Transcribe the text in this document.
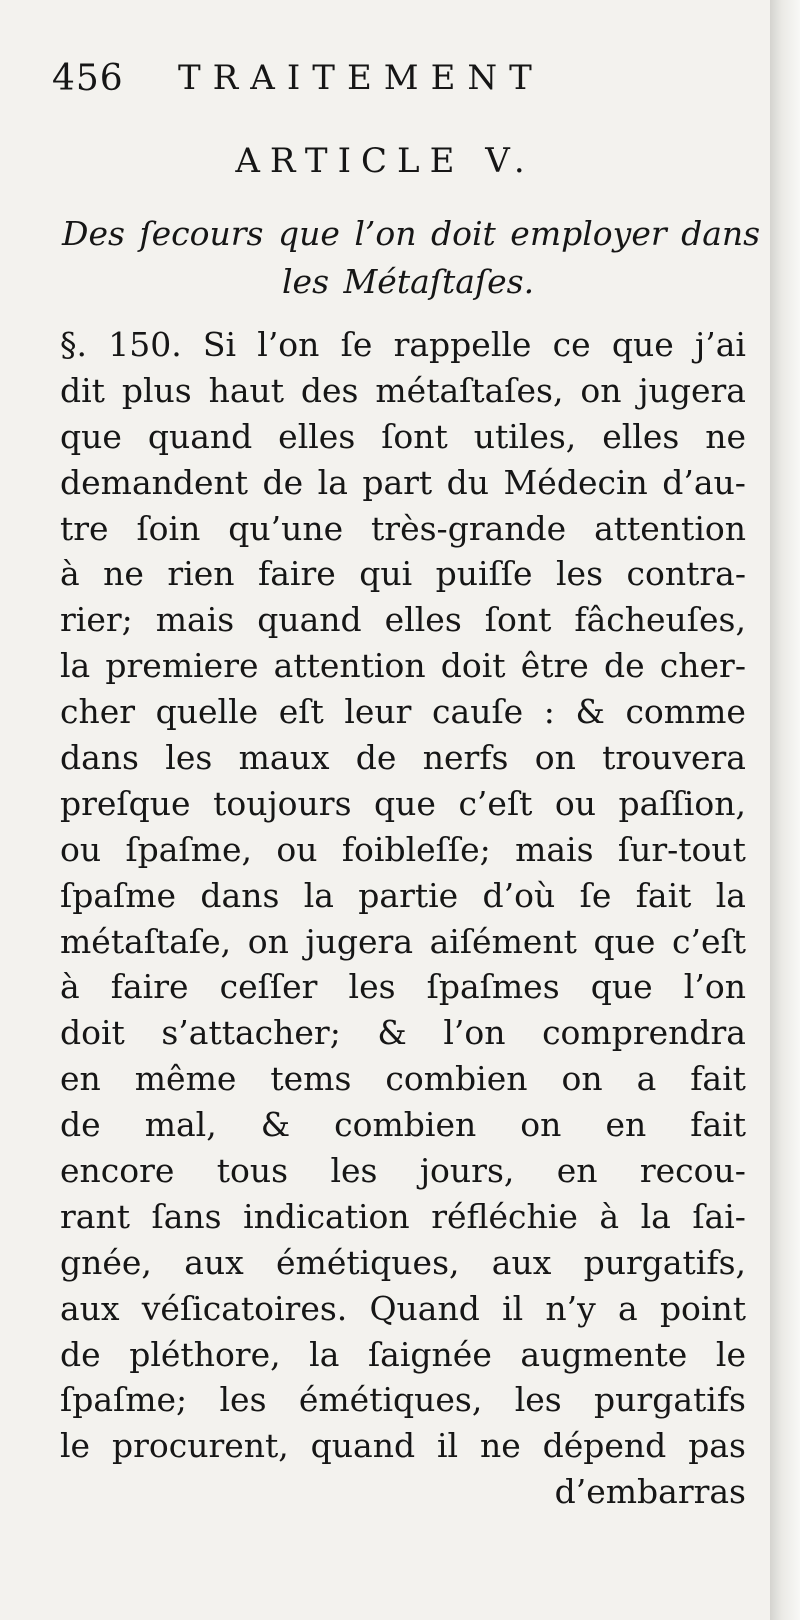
456 TRAITEMENT
ARTICLE V.
Des ſecours que l’on doit employer dans
les Métaſtaſes.
§. 150. Si l’on ſe rappelle ce que j’ai
dit plus haut des métaſtaſes, on jugera
que quand elles ſont utiles, elles ne
demandent de la part du Médecin d’au-
tre ſoin qu’une très-grande attention
à ne rien faire qui puiſſe les contra-
rier; mais quand elles ſont fâcheuſes,
la premiere attention doit être de cher-
cher quelle eſt leur cauſe : & comme
dans les maux de nerfs on trouvera
preſque toujours que c’eſt ou paſſion,
ou ſpaſme, ou foibleſſe; mais ſur-tout
ſpaſme dans la partie d’où ſe fait la
métaſtaſe, on jugera aiſément que c’eſt
à faire ceſſer les ſpaſmes que l’on
doit s’attacher; & l’on comprendra
en même tems combien on a fait
de mal, & combien on en fait
encore tous les jours, en recou-
rant ſans indication réfléchie à la ſai-
gnée, aux émétiques, aux purgatifs,
aux véſicatoires. Quand il n’y a point
de pléthore, la ſaignée augmente le
ſpaſme; les émétiques, les purgatifs
le procurent, quand il ne dépend pas
d’embarras
